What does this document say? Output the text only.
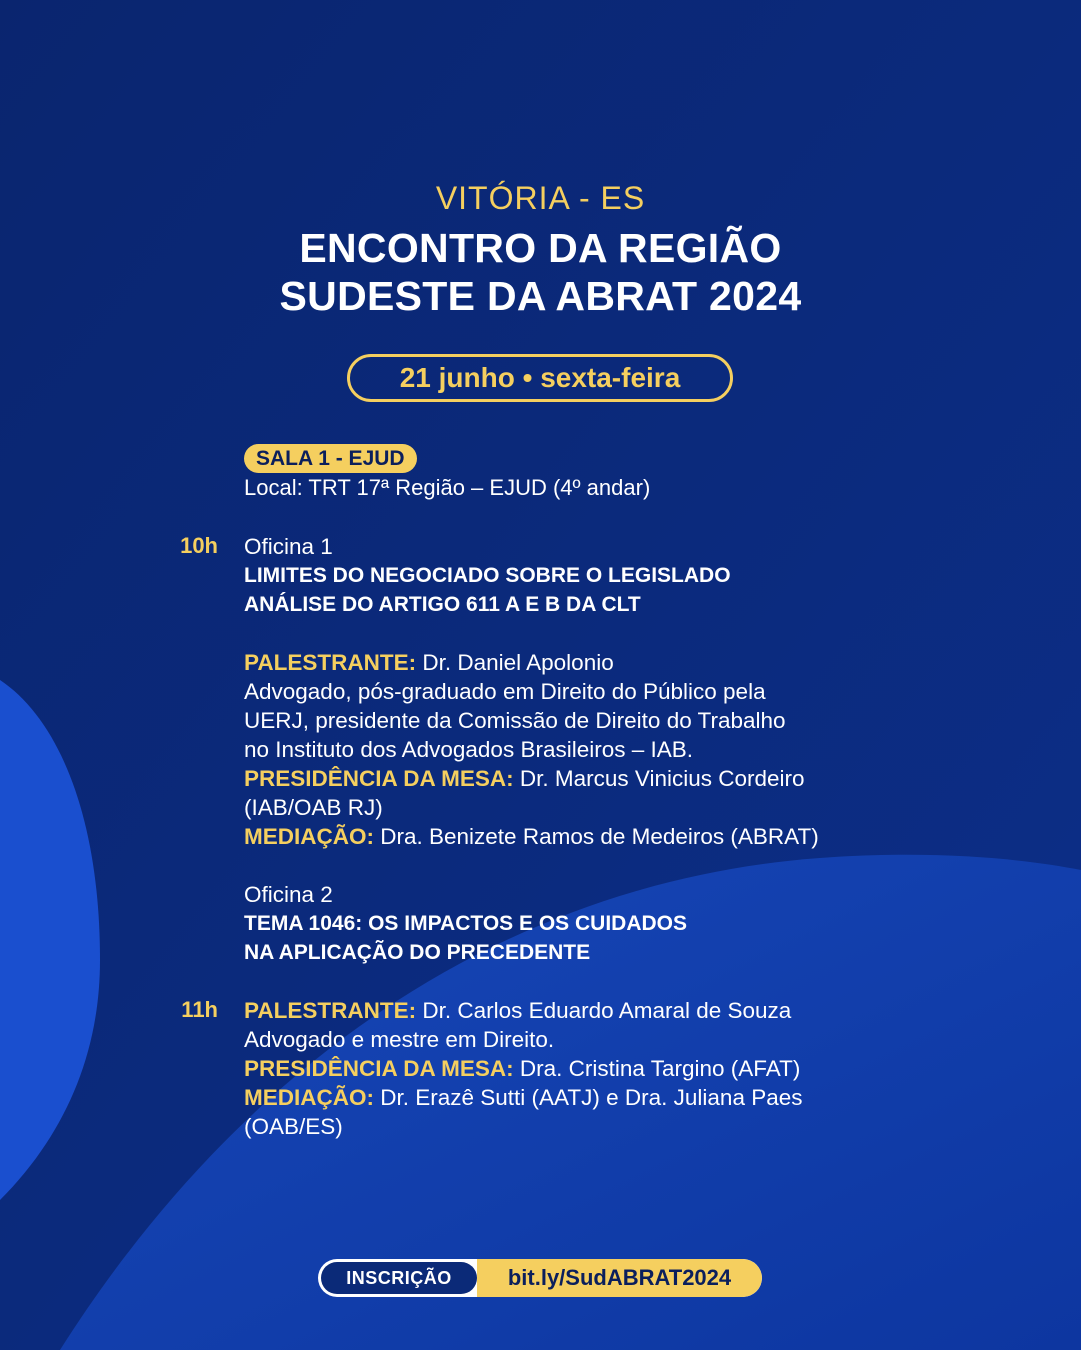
VITÓRIA - ES
ENCONTRO DA REGIÃO
SUDESTE DA ABRAT 2024
21 junho • sexta-feira
SALA 1 - EJUD
Local: TRT 17ª Região – EJUD (4º andar)
10h Oficina 1
LIMITES DO NEGOCIADO SOBRE O LEGISLADO
ANÁLISE DO ARTIGO 611 A E B DA CLT
PALESTRANTE: Dr. Daniel Apolonio
Advogado, pós-graduado em Direito do Público pela
UERJ, presidente da Comissão de Direito do Trabalho
no Instituto dos Advogados Brasileiros – IAB.
PRESIDÊNCIA DA MESA: Dr. Marcus Vinicius Cordeiro
(IAB/OAB RJ)
MEDIAÇÃO: Dra. Benizete Ramos de Medeiros (ABRAT)
Oficina 2
TEMA 1046: OS IMPACTOS E OS CUIDADOS
NA APLICAÇÃO DO PRECEDENTE
11h PALESTRANTE: Dr. Carlos Eduardo Amaral de Souza
Advogado e mestre em Direito.
PRESIDÊNCIA DA MESA: Dra. Cristina Targino (AFAT)
MEDIAÇÃO: Dr. Erazê Sutti (AATJ) e Dra. Juliana Paes
(OAB/ES)
INSCRIÇÃO	bit.ly/SudABRAT2024
